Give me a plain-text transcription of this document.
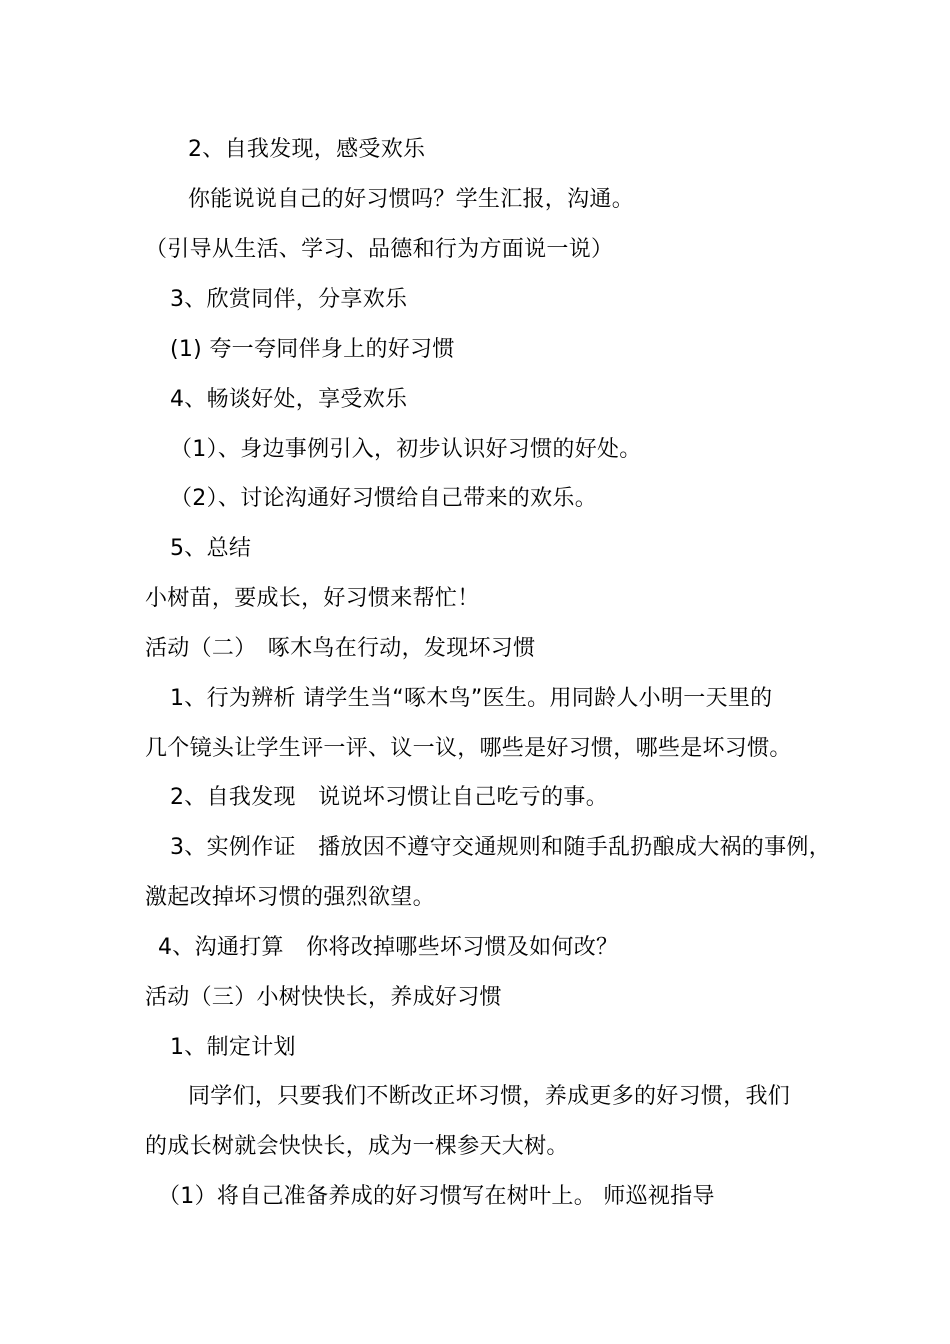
2、自我发现，感受欢乐
你能说说自己的好习惯吗？学生汇报，沟通。
（引导从生活、学习、品德和行为方面说一说）
3、欣赏同伴，分享欢乐
(1) 夸一夸同伴身上的好习惯
4、畅谈好处，享受欢乐
（1）、身边事例引入，初步认识好习惯的好处。
（2）、讨论沟通好习惯给自己带来的欢乐。
5、总结
小树苗，要成长，好习惯来帮忙！
活动（二）　啄木鸟在行动，发现坏习惯
1、行为辨析 请学生当“啄木鸟”医生。用同龄人小明一天里的
几个镜头让学生评一评、议一议，哪些是好习惯，哪些是坏习惯。
2、自我发现　说说坏习惯让自己吃亏的事。
3、实例作证　播放因不遵守交通规则和随手乱扔酿成大祸的事例，
激起改掉坏习惯的强烈欲望。
4、沟通打算　你将改掉哪些坏习惯及如何改？
活动（三）小树快快长，养成好习惯
1、制定计划
同学们，只要我们不断改正坏习惯，养成更多的好习惯，我们
的成长树就会快快长，成为一棵参天大树。
（1）将自己准备养成的好习惯写在树叶上。 师巡视指导
